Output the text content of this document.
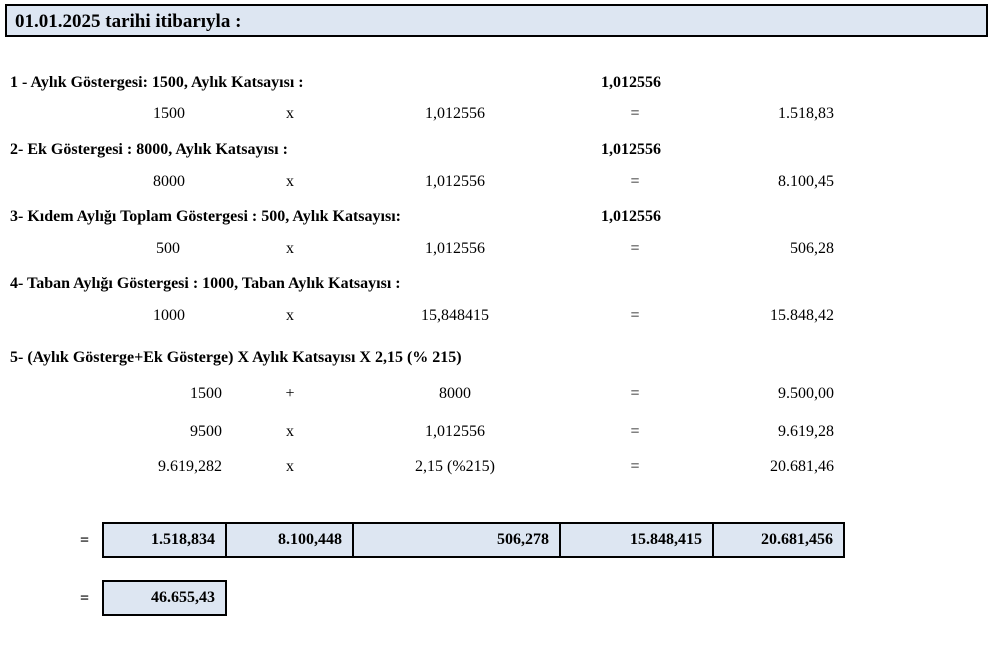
01.01.2025 tarihi itibarıyla :
1 - Aylık Göstergesi: 1500, Aylık Katsayısı :	1,012556
1500	x	1,012556	=	1.518,83
2- Ek Göstergesi : 8000, Aylık Katsayısı :	1,012556
8000	x	1,012556	=	8.100,45
3- Kıdem Aylığı Toplam Göstergesi : 500, Aylık Katsayısı:	1,012556
500	x	1,012556	=	506,28
4- Taban Aylığı Göstergesi : 1000, Taban Aylık Katsayısı :
1000	x	15,848415	=	15.848,42
5- (Aylık Gösterge+Ek Gösterge) X Aylık Katsayısı X 2,15 (% 215)
1500	+	8000	=	9.500,00
9500	x	1,012556	=	9.619,28
9.619,282	x	2,15 (%215)	=	20.681,46
=	1.518,834	8.100,448	506,278	15.848,415	20.681,456
=	46.655,43
